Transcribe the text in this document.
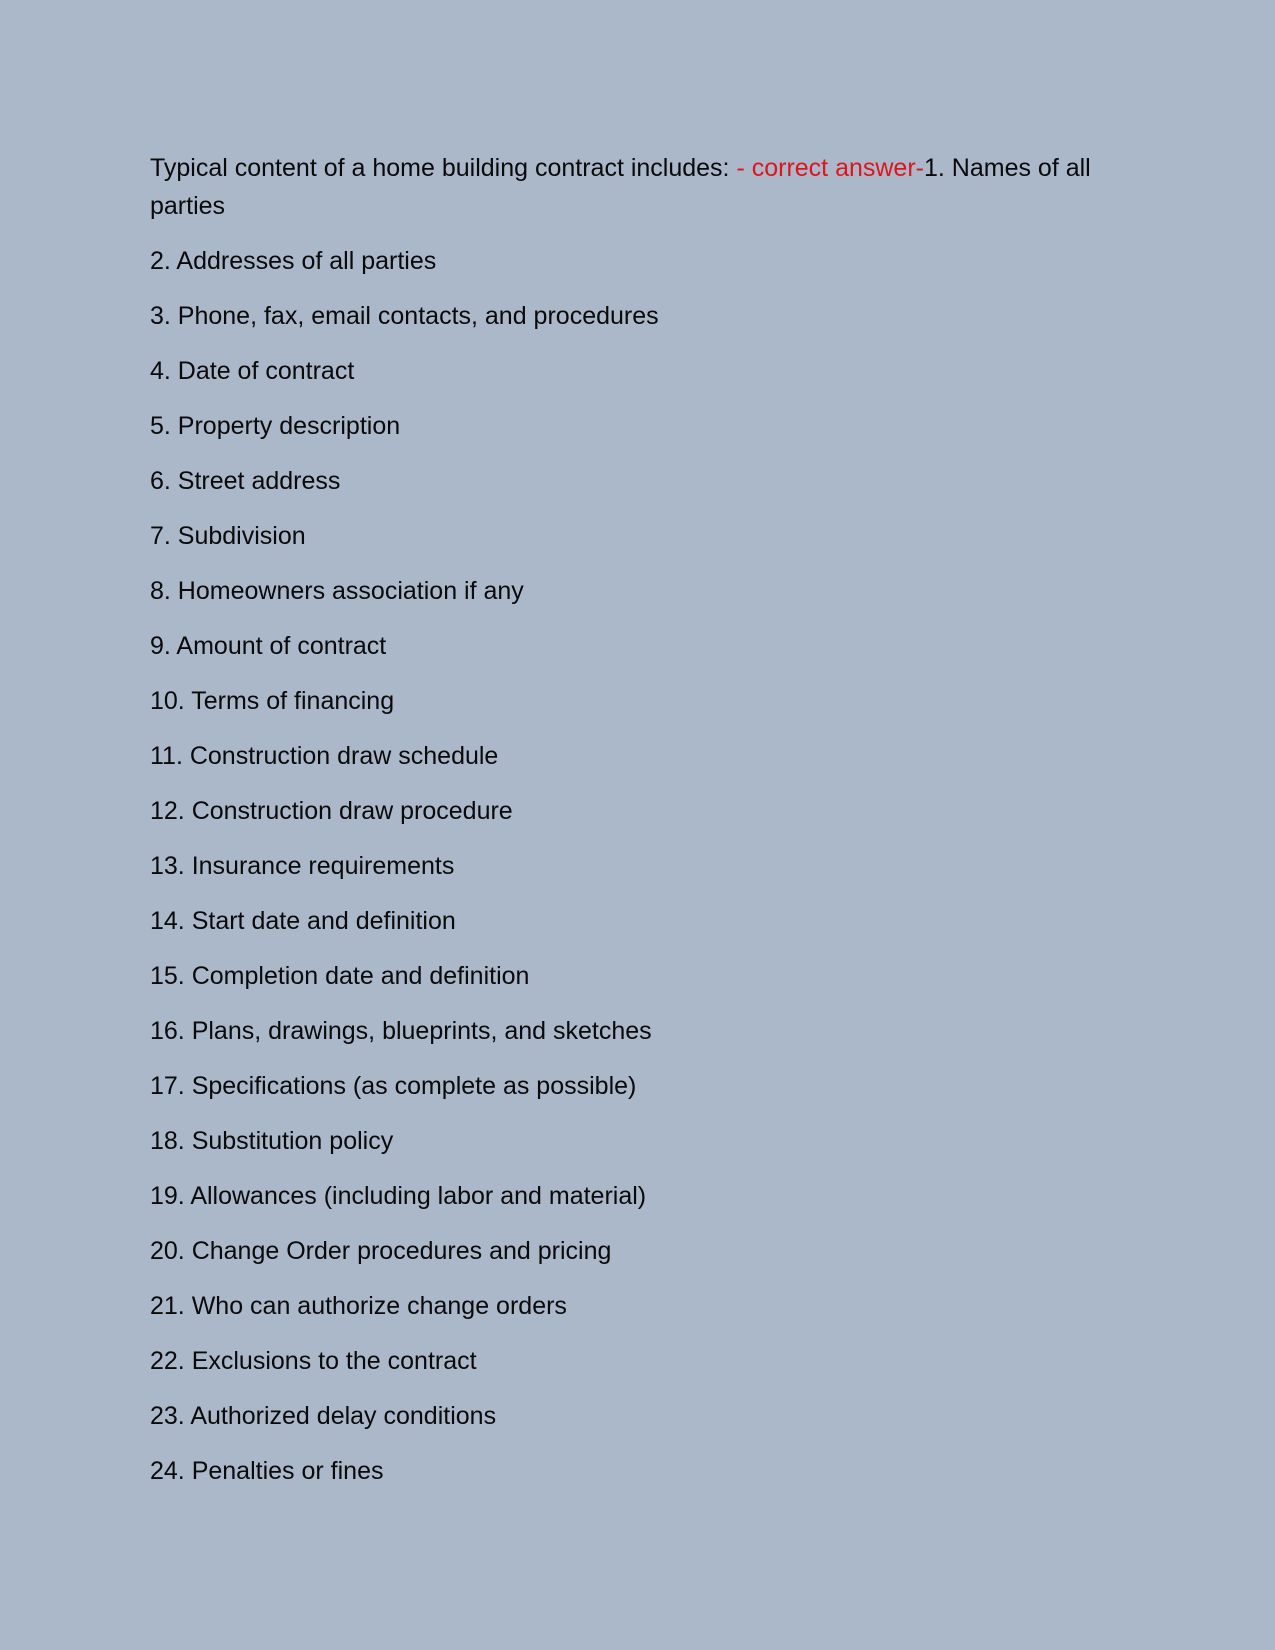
Typical content of a home building contract includes: - correct answer-1. Names of all parties

2. Addresses of all parties
3. Phone, fax, email contacts, and procedures
4. Date of contract
5. Property description
6. Street address
7. Subdivision
8. Homeowners association if any
9. Amount of contract
10. Terms of financing
11. Construction draw schedule
12. Construction draw procedure
13. Insurance requirements
14. Start date and definition
15. Completion date and definition
16. Plans, drawings, blueprints, and sketches
17. Specifications (as complete as possible)
18. Substitution policy
19. Allowances (including labor and material)
20. Change Order procedures and pricing
21. Who can authorize change orders
22. Exclusions to the contract
23. Authorized delay conditions
24. Penalties or fines
